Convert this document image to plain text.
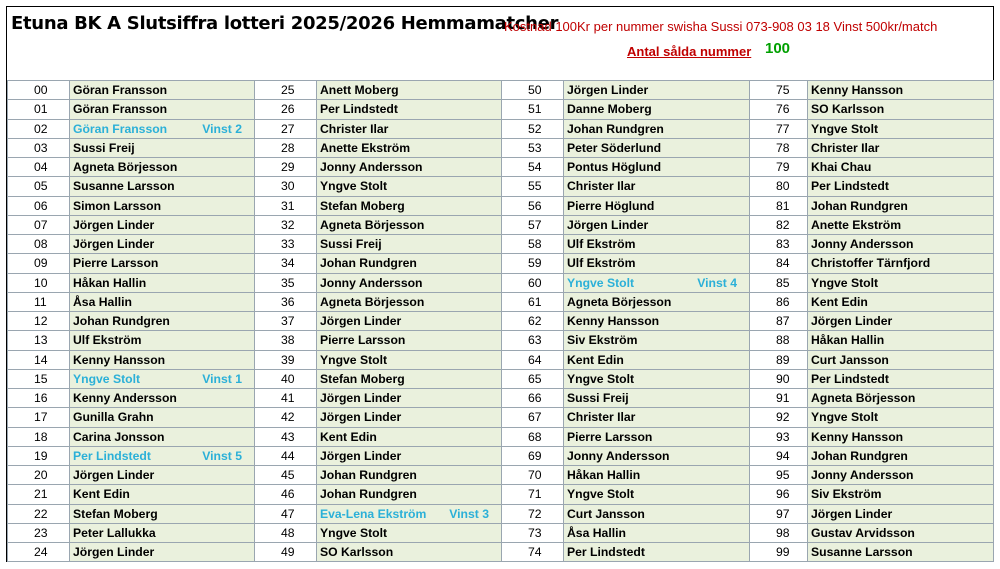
Etuna BK A Slutsiffra lotteri 2025/2026 Hemmamatcher
Kostnad 100Kr per nummer swisha Sussi 073-908 03 18 Vinst 500kr/match
Antal sålda nummer 100
00	Göran Fransson	25	Anett Moberg	50	Jörgen Linder	75	Kenny Hansson
01	Göran Fransson	26	Per Lindstedt	51	Danne Moberg	76	SO Karlsson
02	Göran Fransson Vinst 2	27	Christer Ilar	52	Johan Rundgren	77	Yngve Stolt
03	Sussi Freij	28	Anette Ekström	53	Peter Söderlund	78	Christer Ilar
04	Agneta Börjesson	29	Jonny Andersson	54	Pontus Höglund	79	Khai Chau
05	Susanne Larsson	30	Yngve Stolt	55	Christer Ilar	80	Per Lindstedt
06	Simon Larsson	31	Stefan Moberg	56	Pierre Höglund	81	Johan Rundgren
07	Jörgen Linder	32	Agneta Börjesson	57	Jörgen Linder	82	Anette Ekström
08	Jörgen Linder	33	Sussi Freij	58	Ulf Ekström	83	Jonny Andersson
09	Pierre Larsson	34	Johan Rundgren	59	Ulf Ekström	84	Christoffer Tärnfjord
10	Håkan Hallin	35	Jonny Andersson	60	Yngve Stolt Vinst 4	85	Yngve Stolt
11	Åsa Hallin	36	Agneta Börjesson	61	Agneta Börjesson	86	Kent Edin
12	Johan Rundgren	37	Jörgen Linder	62	Kenny Hansson	87	Jörgen Linder
13	Ulf Ekström	38	Pierre Larsson	63	Siv Ekström	88	Håkan Hallin
14	Kenny Hansson	39	Yngve Stolt	64	Kent Edin	89	Curt Jansson
15	Yngve Stolt Vinst 1	40	Stefan Moberg	65	Yngve Stolt	90	Per Lindstedt
16	Kenny Andersson	41	Jörgen Linder	66	Sussi Freij	91	Agneta Börjesson
17	Gunilla Grahn	42	Jörgen Linder	67	Christer Ilar	92	Yngve Stolt
18	Carina Jonsson	43	Kent Edin	68	Pierre Larsson	93	Kenny Hansson
19	Per Lindstedt Vinst 5	44	Jörgen Linder	69	Jonny Andersson	94	Johan Rundgren
20	Jörgen Linder	45	Johan Rundgren	70	Håkan Hallin	95	Jonny Andersson
21	Kent Edin	46	Johan Rundgren	71	Yngve Stolt	96	Siv Ekström
22	Stefan Moberg	47	Eva-Lena Ekström Vinst 3	72	Curt Jansson	97	Jörgen Linder
23	Peter Lallukka	48	Yngve Stolt	73	Åsa Hallin	98	Gustav Arvidsson
24	Jörgen Linder	49	SO Karlsson	74	Per Lindstedt	99	Susanne Larsson
